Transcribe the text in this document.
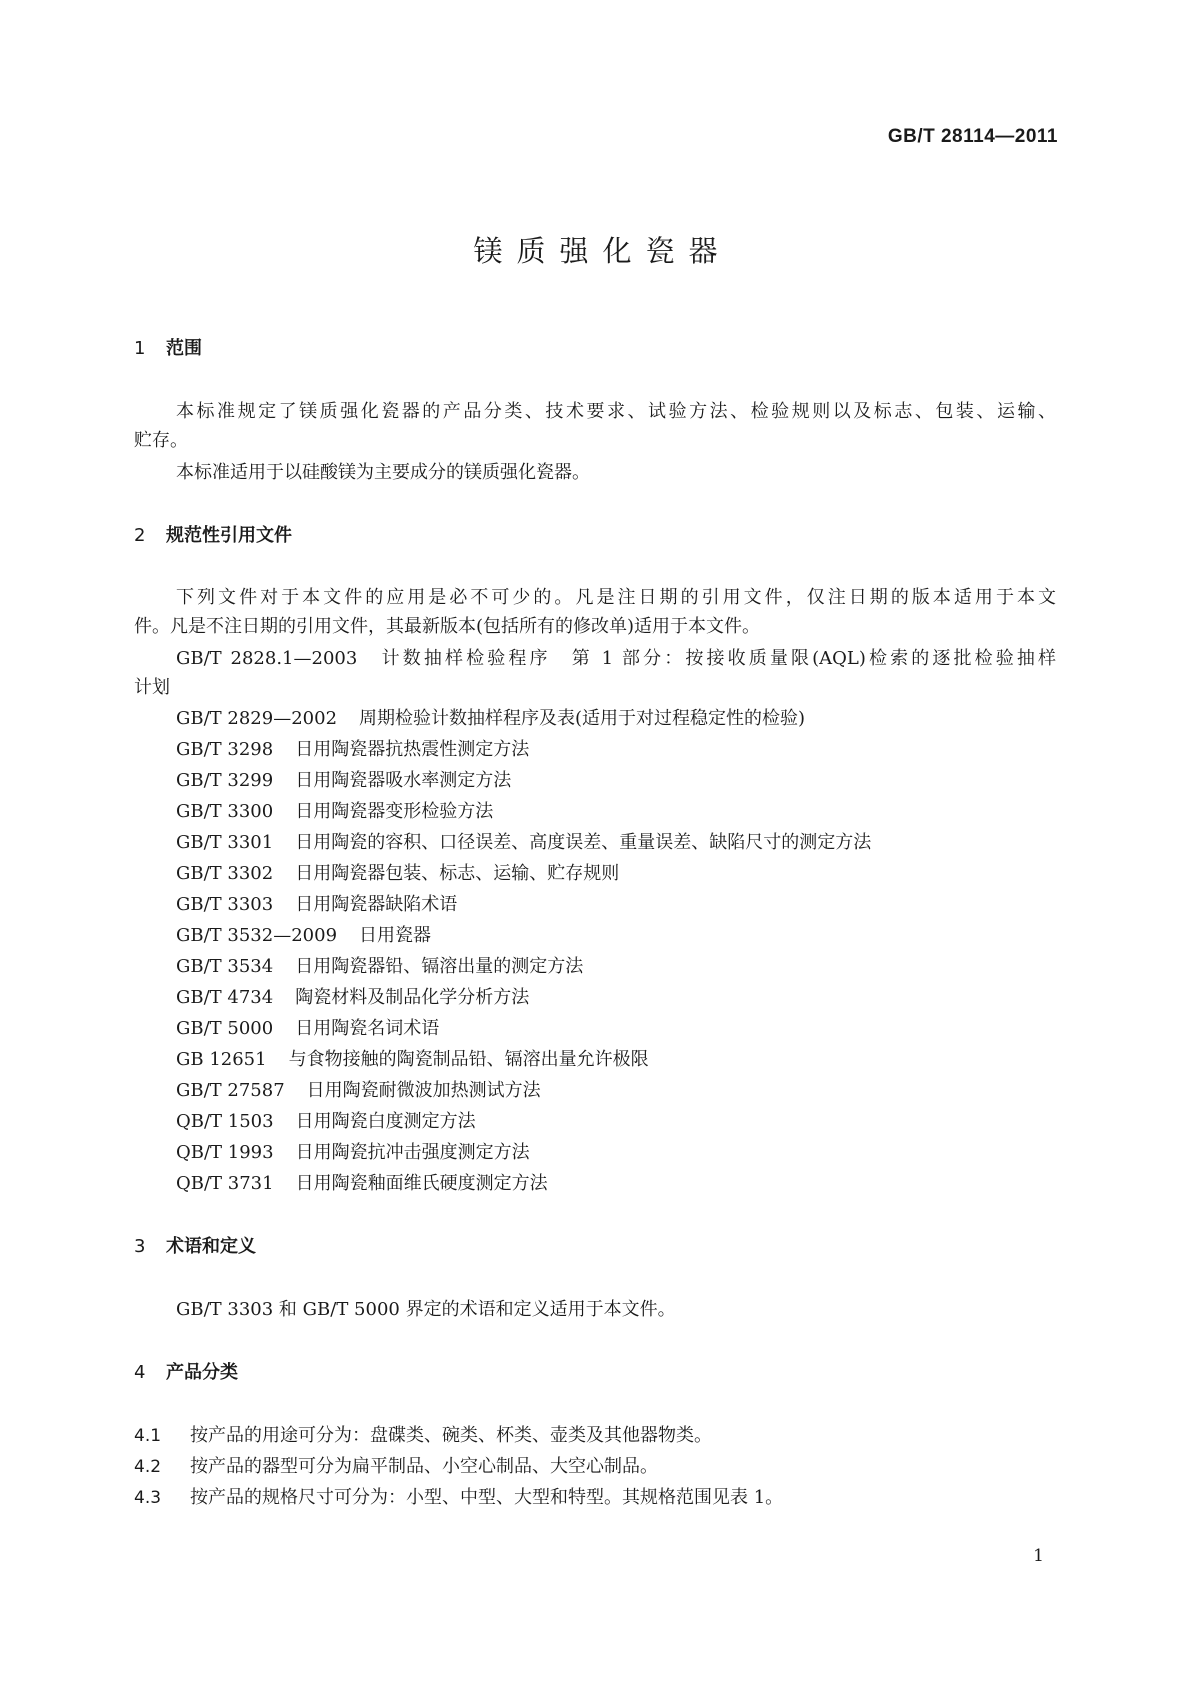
GB/T 28114—2011
镁质强化瓷器
1 范围
本标准规定了镁质强化瓷器的产品分类、技术要求、试验方法、检验规则以及标志、包装、运输、
贮存。
本标准适用于以硅酸镁为主要成分的镁质强化瓷器。
2 规范性引用文件
下列文件对于本文件的应用是必不可少的。凡是注日期的引用文件，仅注日期的版本适用于本文
件。凡是不注日期的引用文件，其最新版本(包括所有的修改单)适用于本文件。
GB/T 2828.1—2003　计数抽样检验程序　第 1 部分：按接收质量限(AQL)检索的逐批检验抽样
计划
GB/T 2829—2002 周期检验计数抽样程序及表(适用于对过程稳定性的检验)
GB/T 3298 日用陶瓷器抗热震性测定方法
GB/T 3299 日用陶瓷器吸水率测定方法
GB/T 3300 日用陶瓷器变形检验方法
GB/T 3301 日用陶瓷的容积、口径误差、高度误差、重量误差、缺陷尺寸的测定方法
GB/T 3302 日用陶瓷器包装、标志、运输、贮存规则
GB/T 3303 日用陶瓷器缺陷术语
GB/T 3532—2009 日用瓷器
GB/T 3534 日用陶瓷器铅、镉溶出量的测定方法
GB/T 4734 陶瓷材料及制品化学分析方法
GB/T 5000 日用陶瓷名词术语
GB 12651 与食物接触的陶瓷制品铅、镉溶出量允许极限
GB/T 27587 日用陶瓷耐微波加热测试方法
QB/T 1503 日用陶瓷白度测定方法
QB/T 1993 日用陶瓷抗冲击强度测定方法
QB/T 3731 日用陶瓷釉面维氏硬度测定方法
3 术语和定义
GB/T 3303 和 GB/T 5000 界定的术语和定义适用于本文件。
4 产品分类
4.1 按产品的用途可分为：盘碟类、碗类、杯类、壶类及其他器物类。
4.2 按产品的器型可分为扁平制品、小空心制品、大空心制品。
4.3 按产品的规格尺寸可分为：小型、中型、大型和特型。其规格范围见表 1。
1
